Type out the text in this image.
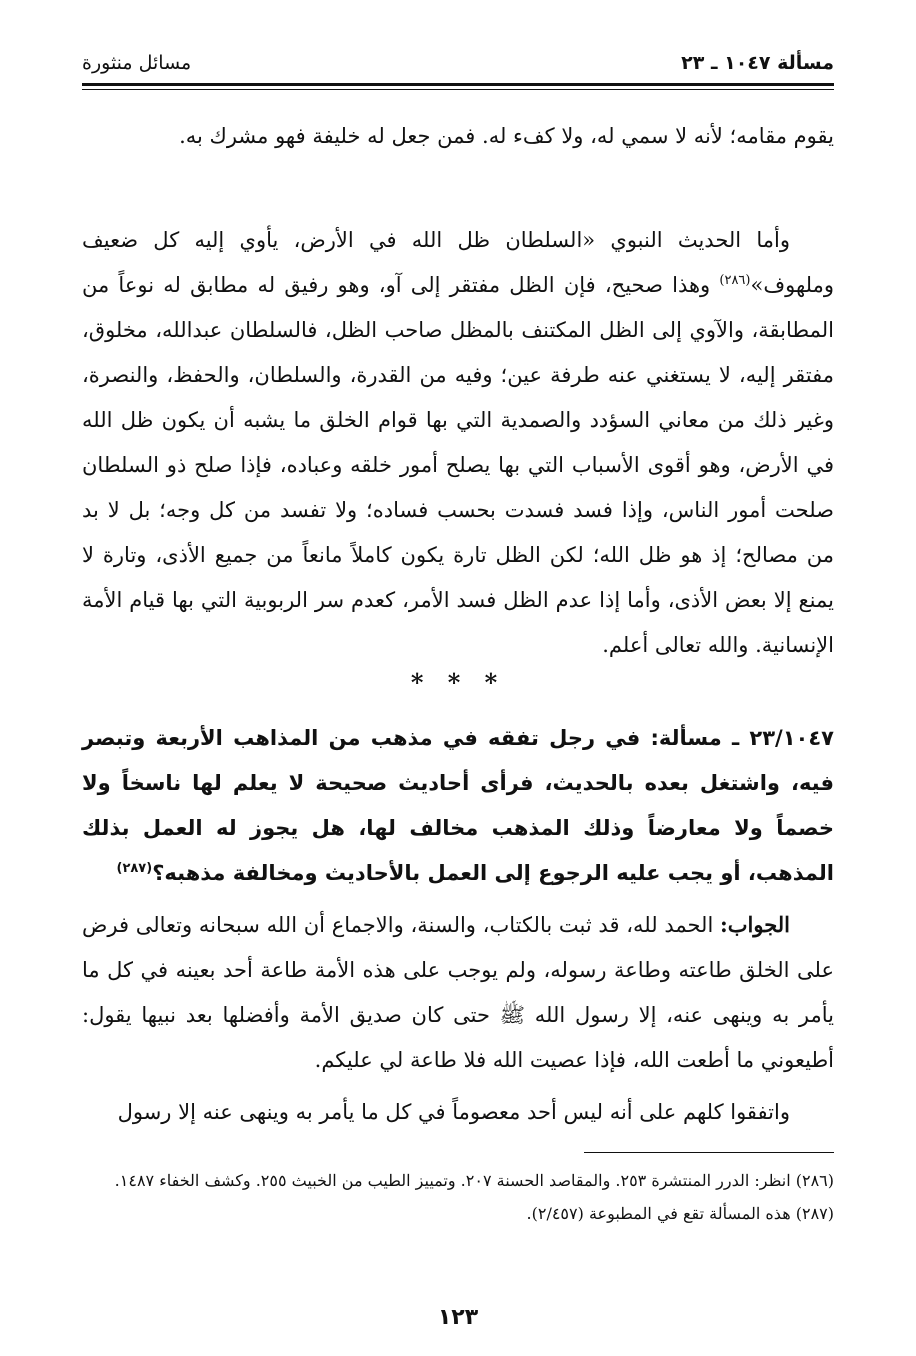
مسألة ١٠٤٧ ـ ٢٣
مسائل منثورة

يقوم مقامه؛ لأنه لا سمي له، ولا كفء له. فمن جعل له خليفة فهو مشرك به.

وأما الحديث النبوي «السلطان ظل الله في الأرض، يأوي إليه كل ضعيف وملهوف»$^{(٢٨٦)}$ وهذا صحيح، فإن الظل مفتقر إلى آو، وهو رفيق له مطابق له نوعاً من المطابقة، والآوي إلى الظل المكتنف بالمظل صاحب الظل، فالسلطان عبدالله، مخلوق، مفتقر إليه، لا يستغني عنه طرفة عين؛ وفيه من القدرة، والسلطان، والحفظ، والنصرة، وغير ذلك من معاني السؤدد والصمدية التي بها قوام الخلق ما يشبه أن يكون ظل الله في الأرض، وهو أقوى الأسباب التي بها يصلح أمور خلقه وعباده، فإذا صلح ذو السلطان صلحت أمور الناس، وإذا فسد فسدت بحسب فساده؛ ولا تفسد من كل وجه؛ بل لا بد من مصالح؛ إذ هو ظل الله؛ لكن الظل تارة يكون كاملاً مانعاً من جميع الأذى، وتارة لا يمنع إلا بعض الأذى، وأما إذا عدم الظل فسد الأمر، كعدم سر الربوبية التي بها قيام الأمة الإنسانية. والله تعالى أعلم.

* * *

٢٣/١٠٤٧ ـ مسألة: في رجل تفقه في مذهب من المذاهب الأربعة وتبصر فيه، واشتغل بعده بالحديث، فرأى أحاديث صحيحة لا يعلم لها ناسخاً ولا خصماً ولا معارضاً وذلك المذهب مخالف لها، هل يجوز له العمل بذلك المذهب، أو يجب عليه الرجوع إلى العمل بالأحاديث ومخالفة مذهبه؟$^{(٢٨٧)}$

الجواب: الحمد لله، قد ثبت بالكتاب، والسنة، والاجماع أن الله سبحانه وتعالى فرض على الخلق طاعته وطاعة رسوله، ولم يوجب على هذه الأمة طاعة أحد بعينه في كل ما يأمر به وينهى عنه، إلا رسول الله ﷺ حتى كان صديق الأمة وأفضلها بعد نبيها يقول: أطيعوني ما أطعت الله، فإذا عصيت الله فلا طاعة لي عليكم.

واتفقوا كلهم على أنه ليس أحد معصوماً في كل ما يأمر به وينهى عنه إلا رسول

(٢٨٦) انظر: الدرر المنتشرة ٢٥٣. والمقاصد الحسنة ٢٠٧. وتمييز الطيب من الخبيث ٢٥٥. وكشف الخفاء ١٤٨٧.

(٢٨٧) هذه المسألة تقع في المطبوعة (٢/٤٥٧).

١٢٣
